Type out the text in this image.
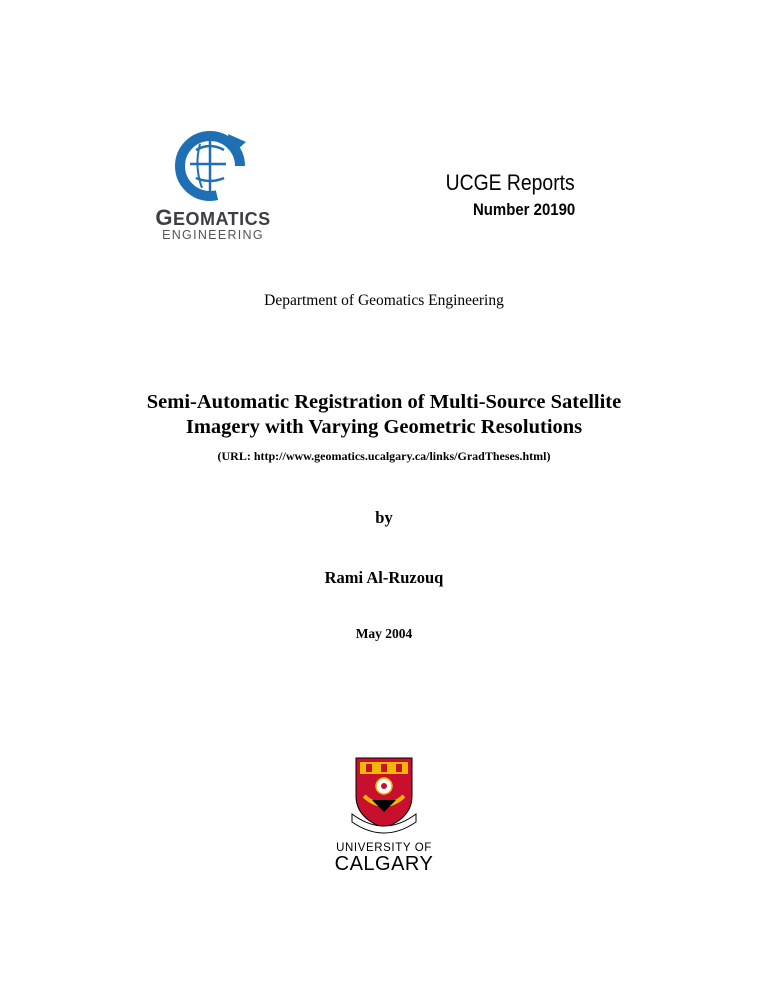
GEOMATICS
ENGINEERING
UCGE Reports
Number 20190
Department of Geomatics Engineering
Semi-Automatic Registration of Multi-Source Satellite
Imagery with Varying Geometric Resolutions
(URL: http://www.geomatics.ucalgary.ca/links/GradTheses.html)
by
Rami Al-Ruzouq
May 2004
UNIVERSITY OF
CALGARY
